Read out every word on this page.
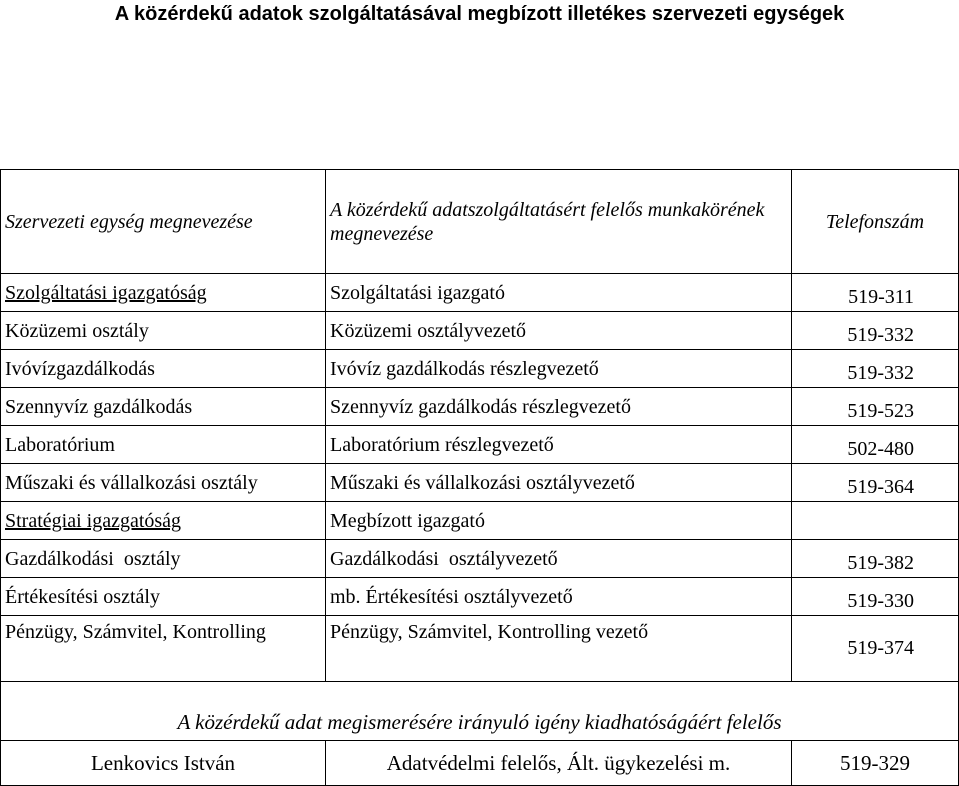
A közérdekű adatok szolgáltatásával megbízott illetékes szervezeti egységek
Szervezeti egység megnevezése	A közérdekű adatszolgáltatásért felelős munkakörének megnevezése	Telefonszám
Szolgáltatási igazgatóság	Szolgáltatási igazgató	519-311
Közüzemi osztály	Közüzemi osztályvezető	519-332
Ivóvízgazdálkodás	Ivóvíz gazdálkodás részlegvezető	519-332
Szennyvíz gazdálkodás	Szennyvíz gazdálkodás részlegvezető	519-523
Laboratórium	Laboratórium részlegvezető	502-480
Műszaki és vállalkozási osztály	Műszaki és vállalkozási osztályvezető	519-364
Stratégiai igazgatóság	Megbízott igazgató	
Gazdálkodási  osztály	Gazdálkodási  osztályvezető	519-382
Értékesítési osztály	mb. Értékesítési osztályvezető	519-330
Pénzügy, Számvitel, Kontrolling	Pénzügy, Számvitel, Kontrolling vezető	519-374
A közérdekű adat megismerésére irányuló igény kiadhatóságáért felelős		
Lenkovics István	Adatvédelmi felelős, Ált. ügykezelési m.	519-329
